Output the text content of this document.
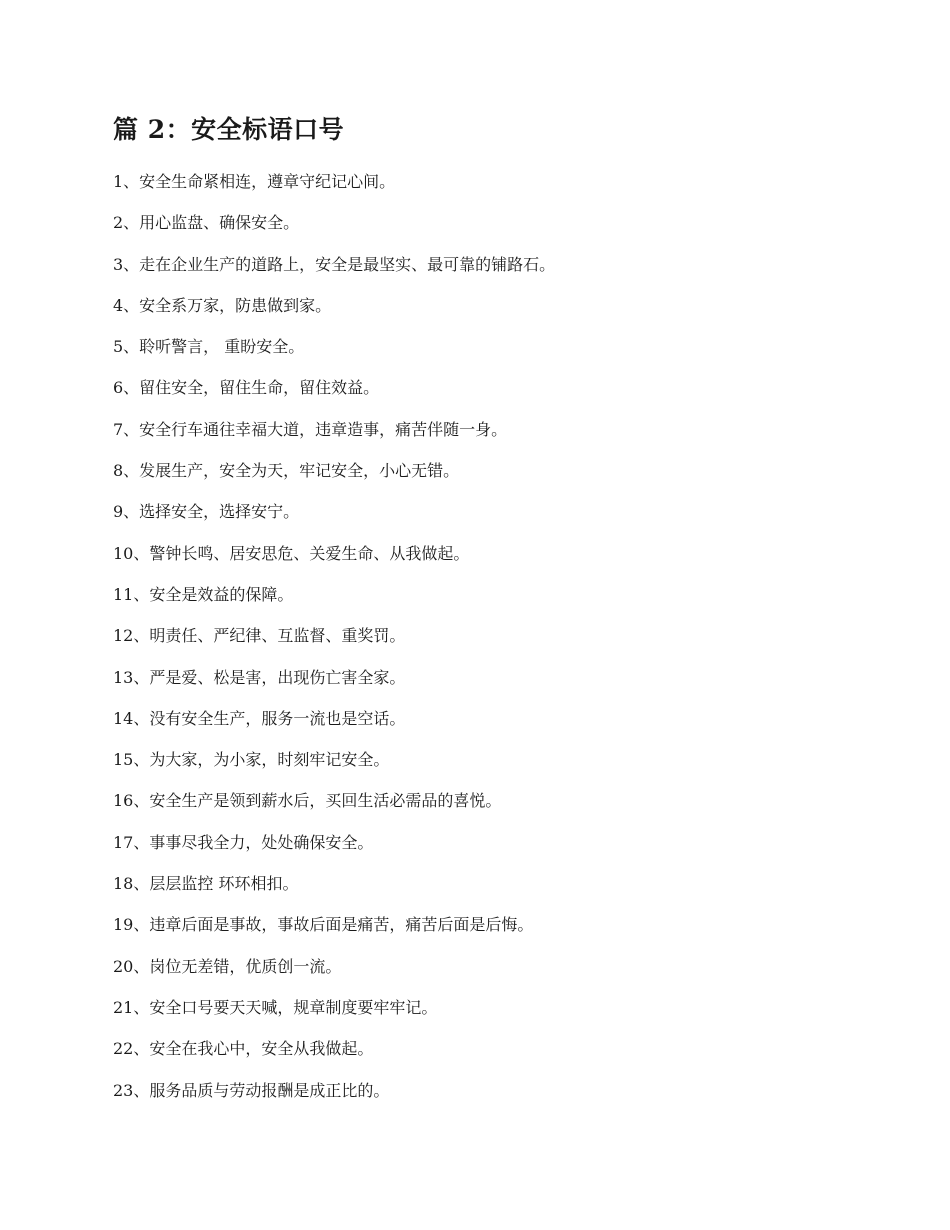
篇 2：安全标语口号
1、安全生命紧相连，遵章守纪记心间。
2、用心监盘、确保安全。
3、走在企业生产的道路上，安全是最坚实、最可靠的铺路石。
4、安全系万家，防患做到家。
5、聆听警言， 重盼安全。
6、留住安全，留住生命，留住效益。
7、安全行车通往幸福大道，违章造事，痛苦伴随一身。
8、发展生产，安全为天，牢记安全，小心无错。
9、选择安全，选择安宁。
10、警钟长鸣、居安思危、关爱生命、从我做起。
11、安全是效益的保障。
12、明责任、严纪律、互监督、重奖罚。
13、严是爱、松是害，出现伤亡害全家。
14、没有安全生产，服务一流也是空话。
15、为大家，为小家，时刻牢记安全。
16、安全生产是领到薪水后，买回生活必需品的喜悦。
17、事事尽我全力，处处确保安全。
18、层层监控 环环相扣。
19、违章后面是事故，事故后面是痛苦，痛苦后面是后悔。
20、岗位无差错，优质创一流。
21、安全口号要天天喊，规章制度要牢牢记。
22、安全在我心中，安全从我做起。
23、服务品质与劳动报酬是成正比的。
